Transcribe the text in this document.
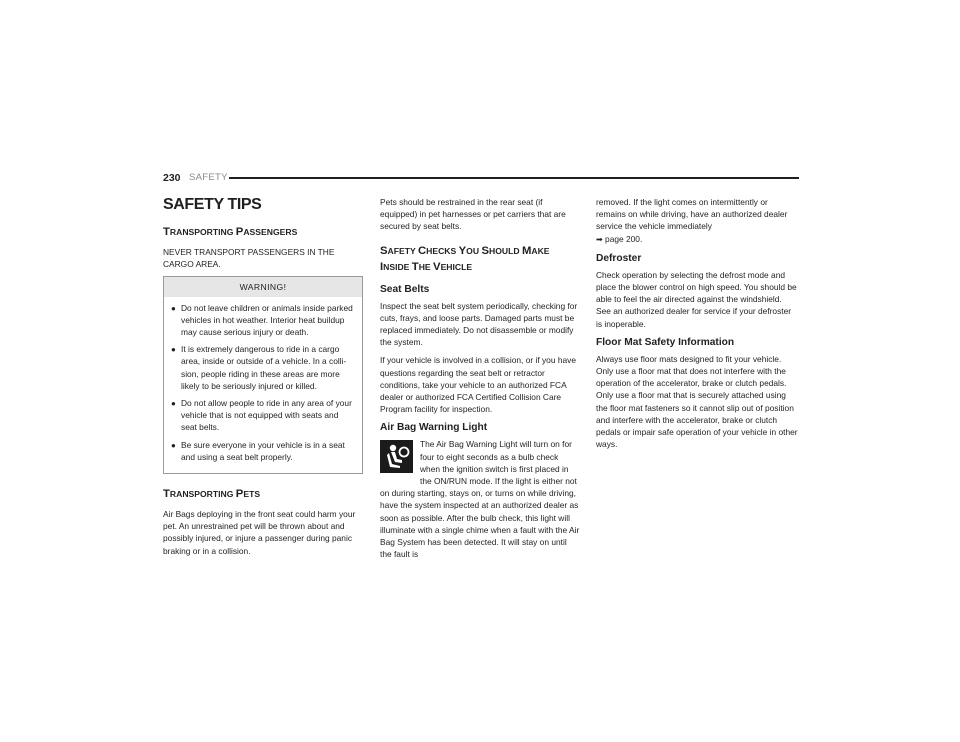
230 SAFETY
SAFETY TIPS
TRANSPORTING PASSENGERS

NEVER TRANSPORT PASSENGERS IN THE CARGO AREA.

WARNING!
● Do not leave children or animals inside parked vehicles in hot weather. Interior heat buildup may cause serious injury or death.
● It is extremely dangerous to ride in a cargo area, inside or outside of a vehicle. In a colli-sion, people riding in these areas are more likely to be seriously injured or killed.
● Do not allow people to ride in any area of your vehicle that is not equipped with seats and seat belts.
● Be sure everyone in your vehicle is in a seat and using a seat belt properly.
TRANSPORTING PETS

Air Bags deploying in the front seat could harm your pet. An unrestrained pet will be thrown about and possibly injured, or injure a passenger during panic braking or in a collision.

Pets should be restrained in the rear seat (if equipped) in pet harnesses or pet carriers that are secured by seat belts.

SAFETY CHECKS YOU SHOULD MAKE
INSIDE THE VEHICLE
Seat Belts

Inspect the seat belt system periodically, checking for cuts, frays, and loose parts. Damaged parts must be replaced immediately. Do not disassemble or modify the system.

If your vehicle is involved in a collision, or if you have questions regarding the seat belt or retractor conditions, take your vehicle to an authorized FCA dealer or authorized FCA Certified Collision Care Program facility for inspection.

Air Bag Warning Light

The Air Bag Warning Light will turn on for four to eight seconds as a bulb check when the ignition switch is first placed in the ON/RUN mode. If the light is either not on during starting, stays on, or turns on while driving, have the system inspected at an authorized dealer as soon as possible. After the bulb check, this light will illuminate with a single chime when a fault with the Air Bag System has been detected. It will stay on until the fault is

removed. If the light comes on intermittently or remains on while driving, have an authorized dealer service the vehicle immediately

➡ page 200.

Defroster

Check operation by selecting the defrost mode and place the blower control on high speed. You should be able to feel the air directed against the windshield. See an authorized dealer for service if your defroster is inoperable.

Floor Mat Safety Information

Always use floor mats designed to fit your vehicle. Only use a floor mat that does not interfere with the operation of the accelerator, brake or clutch pedals. Only use a floor mat that is securely attached using the floor mat fasteners so it cannot slip out of position and interfere with the accelerator, brake or clutch pedals or impair safe operation of your vehicle in other ways.
